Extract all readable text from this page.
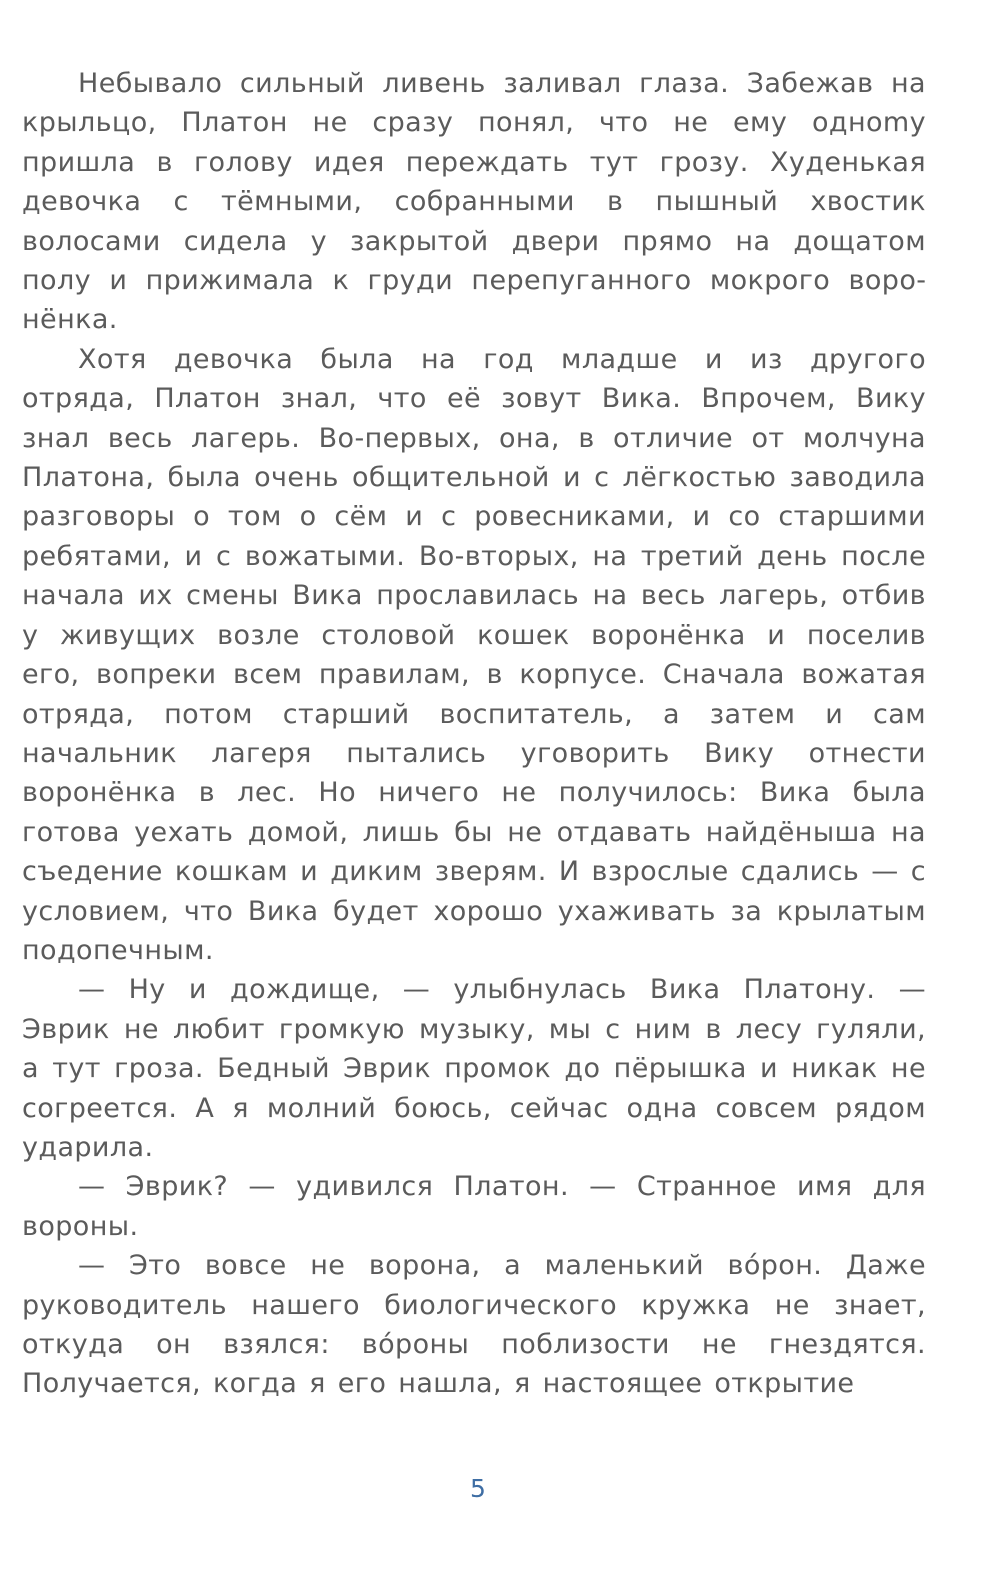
Небывало сильный ливень заливал глаза. Забежав на крыльцо, Платон не сразу понял, что не ему одноmу пришла в голову идея переждать тут грозу. Худенькая девочка с тёмными, собранными в пышный хвостик волосами сидела у закрытой двери прямо на дощатом полу и прижимала к груди перепуганного мокрого воронёнка.

Хотя девочка была на год младше и из другого отряда, Платон знал, что её зовут Вика. Впрочем, Вику знал весь лагерь. Во-первых, она, в отличие от молчуна Платона, была очень общительной и с лёгкостью заводила разговоры о том о сём и с ровесниками, и со старшими ребятами, и с вожатыми. Во-вторых, на третий день после начала их смены Вика прославилась на весь лагерь, отбив у живущих возле столовой кошек воронёнка и поселив его, вопреки всем правилам, в корпусе. Сначала вожатая отряда, потом старший воспитатель, а затем и сам начальник лагеря пытались уговорить Вику отнести воронёнка в лес. Но ничего не получилось: Вика была готова уехать домой, лишь бы не отдавать найдёныша на съедение кошкам и диким зверям. И взрослые сдались — с условием, что Вика будет хорошо ухаживать за крылатым подопечным.

— Ну и дождище, — улыбнулась Вика Платону. — Эврик не любит громкую музыку, мы с ним в лесу гуляли, а тут гроза. Бедный Эврик промок до пёрышка и никак не согреется. А я молний боюсь, сейчас одна совсем рядом ударила.

— Эврик? — удивился Платон. — Странное имя для вороны.

— Это вовсе не ворона, а маленький вóрон. Даже руководитель нашего биологического кружка не знает, откуда он взялся: вóроны поблизости не гнездятся. Получается, когда я его нашла, я настоящее открытие

5
